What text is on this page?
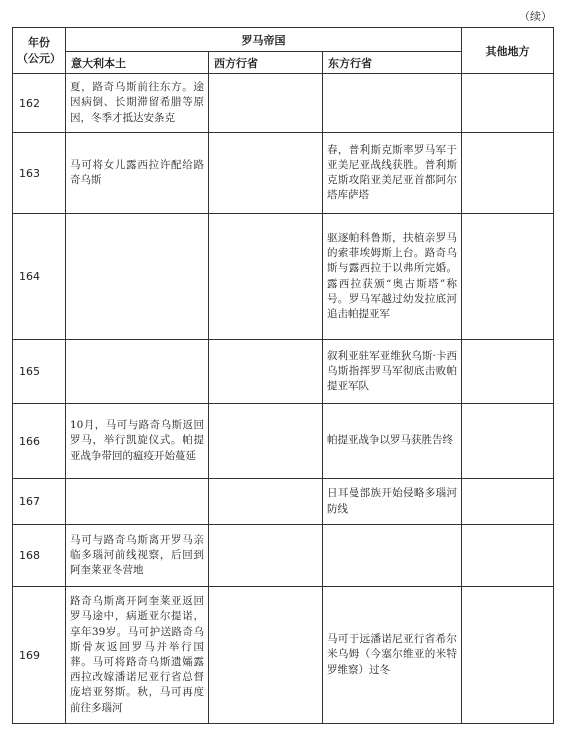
（续）
年份
（公元）	罗马帝国			其他地方
	意大利本土	西方行省	东方行省	
162	夏，路奇乌斯前往东方。途因病倒、长期滞留希腊等原因，冬季才抵达安条克			
163	马可将女儿露西拉许配给路奇乌斯		春，普利斯克斯率罗马军于亚美尼亚战线获胜。普利斯克斯攻陷亚美尼亚首都阿尔塔库萨塔	
164			驱逐帕科鲁斯，扶植亲罗马的索菲埃姆斯上台。路奇乌斯与露西拉于以弗所完婚。露西拉获颁“奥古斯塔”称号。罗马军越过幼发拉底河追击帕提亚军	
165			叙利亚驻军亚维狄乌斯·卡西乌斯指挥罗马军彻底击败帕提亚军队	
166	10月，马可与路奇乌斯返回罗马，举行凯旋仪式。帕提亚战争带回的瘟疫开始蔓延		帕提亚战争以罗马获胜告终	
167			日耳曼部族开始侵略多瑙河防线	
168	马可与路奇乌斯离开罗马亲临多瑙河前线视察，后回到阿奎莱亚冬营地			
169	路奇乌斯离开阿奎莱亚返回罗马途中，病逝亚尔提诺，享年39岁。马可护送路奇乌斯骨灰返回罗马并举行国葬。马可将路奇乌斯遗孀露西拉改嫁潘诺尼亚行省总督庞培亚努斯。秋，马可再度前往多瑙河		马可于远潘诺尼亚行省希尔米乌姆（今塞尔维亚的米特罗维察）过冬	
